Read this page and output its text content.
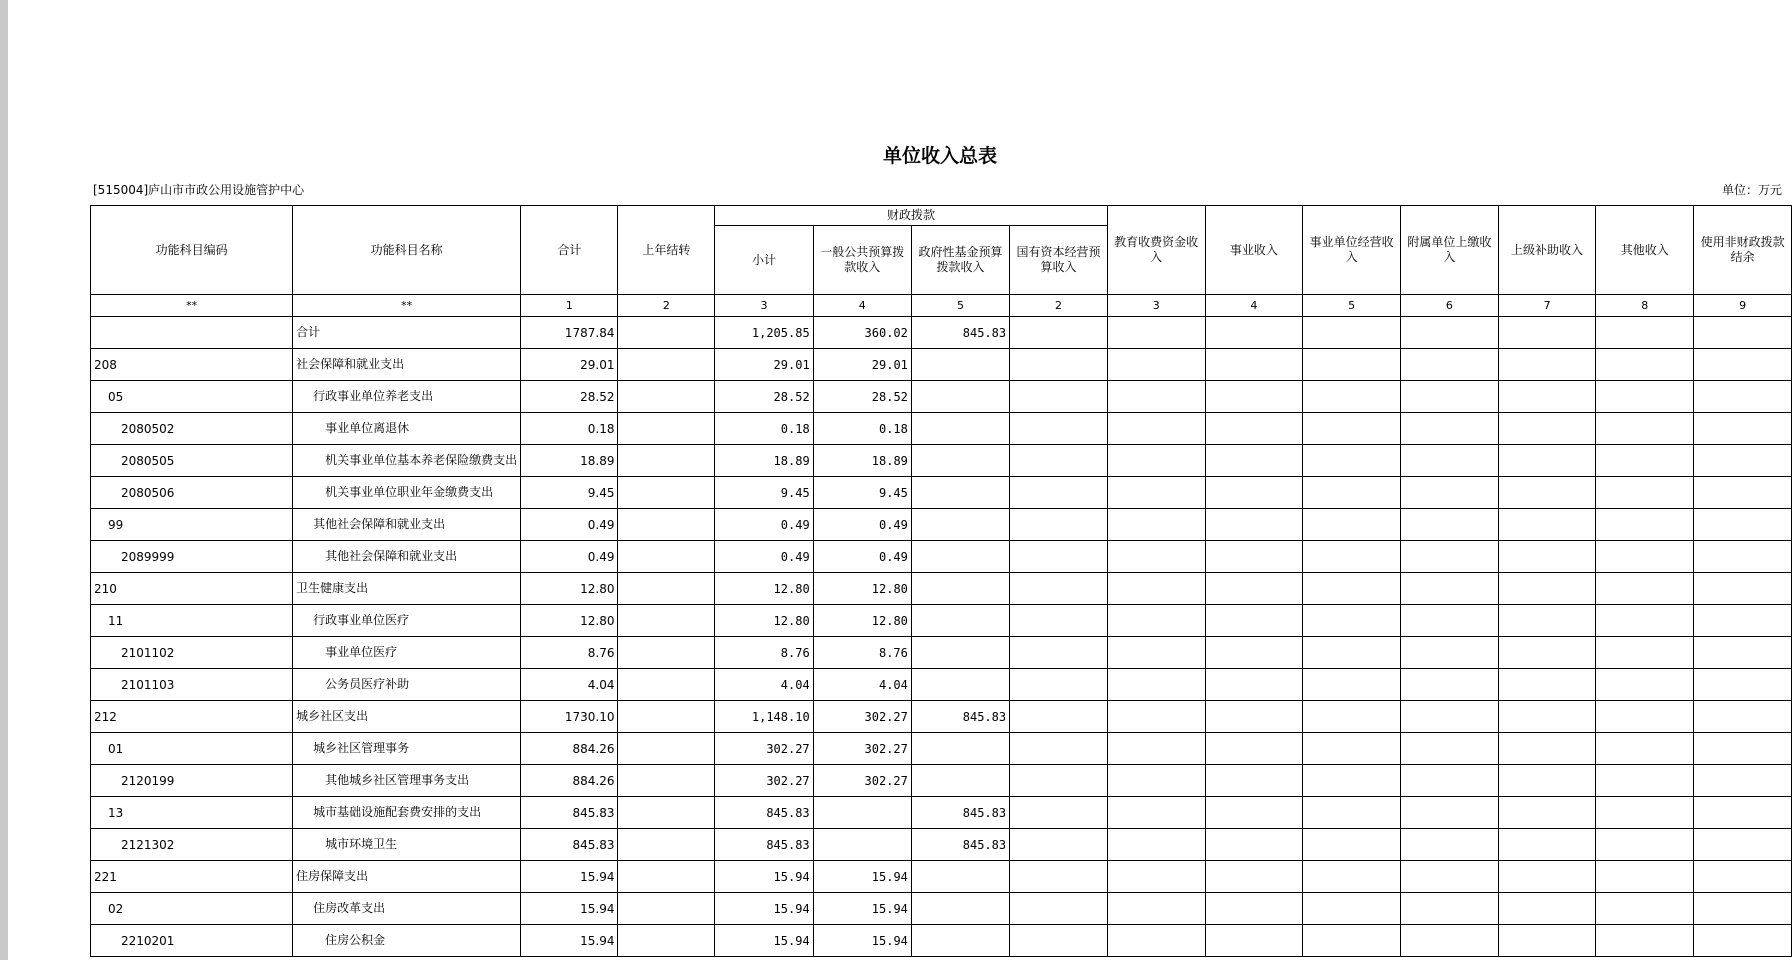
单位收入总表
[515004]庐山市市政公用设施管护中心	单位：万元
功能科目编码	功能科目名称	合计	上年结转	财政拨款				教育收费资金收入	事业收入	事业单位经营收入	附属单位上缴收入	上级补助收入	其他收入	使用非财政拨款结余
				小计	一般公共预算拨款收入	政府性基金预算拨款收入	国有资本经营预算收入							
**	**	1	2	3	4	5	2	3	4	5	6	7	8	9
	合计	1787.84		1,205.85	360.02	845.83								
208	社会保障和就业支出	29.01		29.01	29.01									
05	行政事业单位养老支出	28.52		28.52	28.52									
2080502	事业单位离退休	0.18		0.18	0.18									
2080505	机关事业单位基本养老保险缴费支出	18.89		18.89	18.89									
2080506	机关事业单位职业年金缴费支出	9.45		9.45	9.45									
99	其他社会保障和就业支出	0.49		0.49	0.49									
2089999	其他社会保障和就业支出	0.49		0.49	0.49									
210	卫生健康支出	12.80		12.80	12.80									
11	行政事业单位医疗	12.80		12.80	12.80									
2101102	事业单位医疗	8.76		8.76	8.76									
2101103	公务员医疗补助	4.04		4.04	4.04									
212	城乡社区支出	1730.10		1,148.10	302.27	845.83								
01	城乡社区管理事务	884.26		302.27	302.27									
2120199	其他城乡社区管理事务支出	884.26		302.27	302.27									
13	城市基础设施配套费安排的支出	845.83		845.83		845.83								
2121302	城市环境卫生	845.83		845.83		845.83								
221	住房保障支出	15.94		15.94	15.94									
02	住房改革支出	15.94		15.94	15.94									
2210201	住房公积金	15.94		15.94	15.94									
